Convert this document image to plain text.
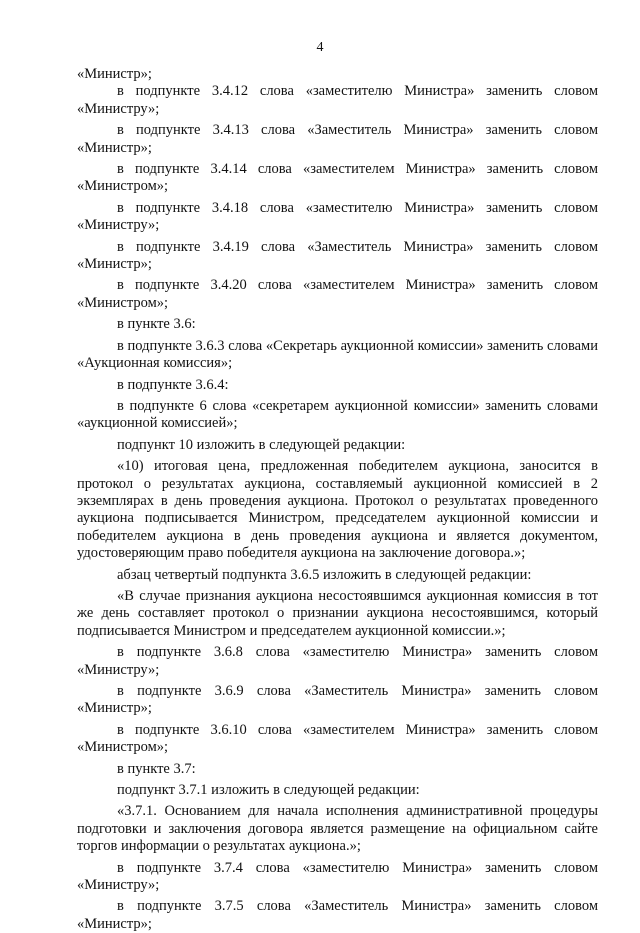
4

«Министр»;

в подпункте 3.4.12 слова «заместителю Министра» заменить словом

«Министру»;

в подпункте 3.4.13 слова «Заместитель Министра» заменить словом

«Министр»;

в подпункте 3.4.14 слова «заместителем Министра» заменить словом

«Министром»;

в подпункте 3.4.18 слова «заместителю Министра» заменить словом

«Министру»;

в подпункте 3.4.19 слова «Заместитель Министра» заменить словом

«Министр»;

в подпункте 3.4.20 слова «заместителем Министра» заменить словом

«Министром»;

в пункте 3.6:

в подпункте 3.6.3 слова «Секретарь аукционной комиссии» заменить словами «Аукционная комиссия»;

в подпункте 3.6.4:

в подпункте 6 слова «секретарем аукционной комиссии» заменить словами «аукционной комиссией»;

подпункт 10 изложить в следующей редакции:

«10) итоговая цена, предложенная победителем аукциона, заносится в протокол о результатах аукциона, составляемый аукционной комиссией в 2 экземплярах в день проведения аукциона. Протокол о результатах проведенного аукциона подписывается Министром, председателем аукционной комиссии и победителем аукциона в день проведения аукциона и является документом, удостоверяющим право победителя аукциона на заключение договора.»;

абзац четвертый подпункта 3.6.5 изложить в следующей редакции:

«В случае признания аукциона несостоявшимся аукционная комиссия в тот же день составляет протокол о признании аукциона несостоявшимся, который подписывается Министром и председателем аукционной комиссии.»;

в подпункте 3.6.8 слова «заместителю Министра» заменить словом

«Министру»;

в подпункте 3.6.9 слова «Заместитель Министра» заменить словом

«Министр»;

в подпункте 3.6.10 слова «заместителем Министра» заменить словом

«Министром»;

в пункте 3.7:

подпункт 3.7.1 изложить в следующей редакции:

«3.7.1. Основанием для начала исполнения административной процедуры подготовки и заключения договора является размещение на официальном сайте торгов информации о результатах аукциона.»;

в подпункте 3.7.4 слова «заместителю Министра» заменить словом

«Министру»;

в подпункте 3.7.5 слова «Заместитель Министра» заменить словом

«Министр»;
